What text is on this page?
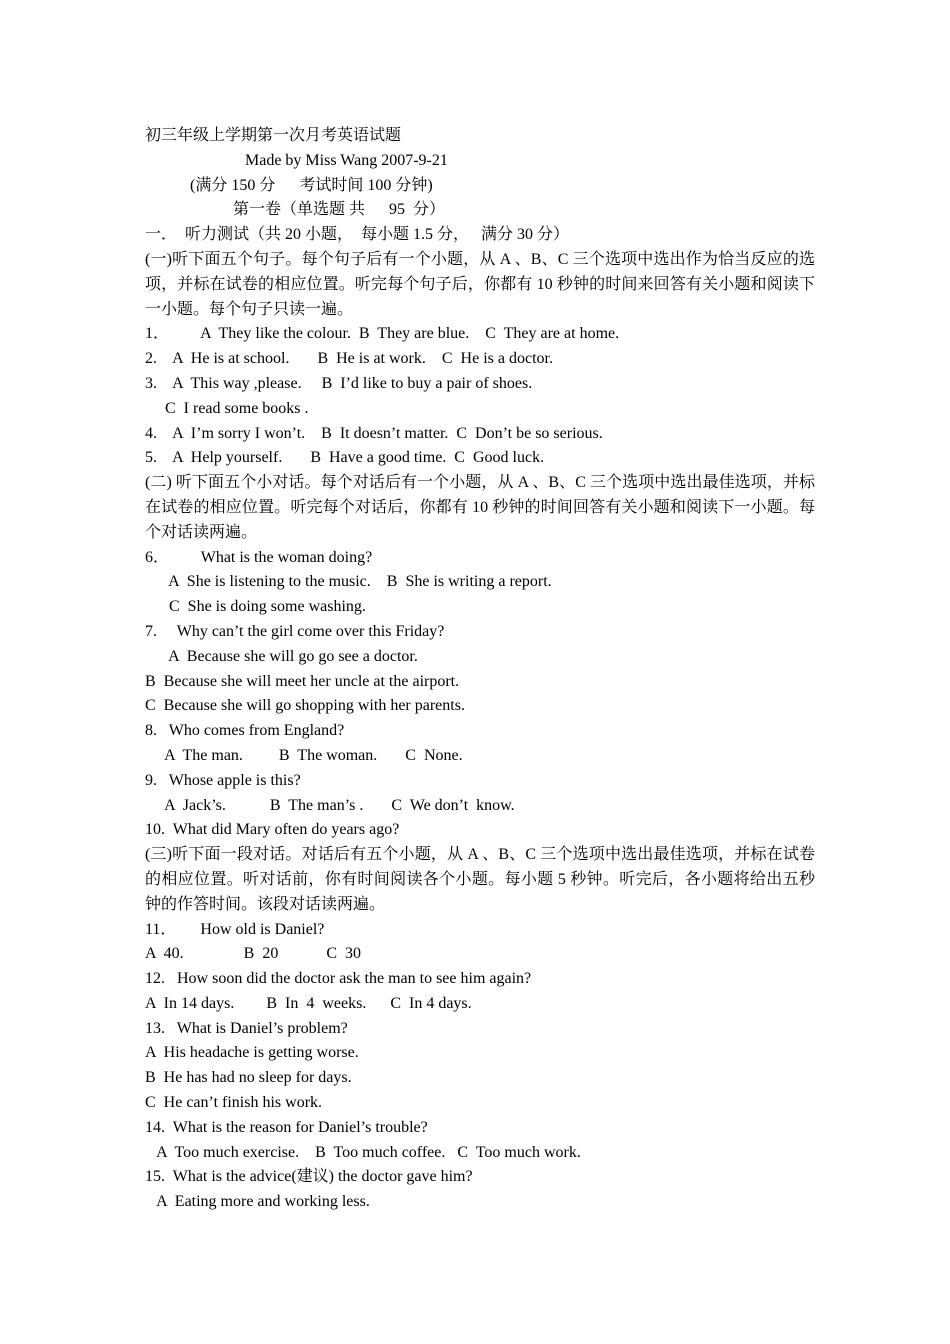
初三年级上学期第一次月考英语试题
Made by Miss Wang 2007-9-21
(满分 150 分      考试时间 100 分钟)
第一卷（单选题 共      95  分）
一．  听力测试（共 20 小题，  每小题 1.5 分，   满分 30 分）
(一)听下面五个句子。每个句子后有一个小题，从 A 、B、C 三个选项中选出作为恰当反应的选项，并标在试卷的相应位置。听完每个句子后，你都有 10 秒钟的时间来回答有关小题和阅读下一小题。每个句子只读一遍。
1．        A  They like the colour.  B  They are blue.    C  They are at home.
2.    A  He is at school.       B  He is at work.    C  He is a doctor.
3.    A  This way ,please.     B  I’d like to buy a pair of shoes.
C  I read some books .
4.    A  I’m sorry I won’t.    B  It doesn’t matter.  C  Don’t be so serious.
5.    A  Help yourself.       B  Have a good time.  C  Good luck.
(二) 听下面五个小对话。每个对话后有一个小题，从 A 、B、C 三个选项中选出最佳选项，并标在试卷的相应位置。听完每个对话后，你都有 10 秒钟的时间回答有关小题和阅读下一小题。每个对话读两遍。
6．        What is the woman doing?
A  She is listening to the music.    B  She is writing a report.
C  She is doing some washing.
7.     Why can’t the girl come over this Friday?
A  Because she will go go see a doctor.
B  Because she will meet her uncle at the airport.
C  Because she will go shopping with her parents.
8.   Who comes from England?
A  The man.         B  The woman.       C  None.
9.   Whose apple is this?
A  Jack’s.           B  The man’s .       C  We don’t  know.
10.  What did Mary often do years ago?
(三)听下面一段对话。对话后有五个小题，从 A 、B、C 三个选项中选出最佳选项，并标在试卷的相应位置。听对话前，你有时间阅读各个小题。每小题 5 秒钟。听完后，各小题将给出五秒钟的作答时间。该段对话读两遍。
11．      How old is Daniel?
A  40.               B  20            C  30
12.   How soon did the doctor ask the man to see him again?
A  In 14 days.        B  In  4  weeks.      C  In 4 days.
13.   What is Daniel’s problem?
A  His headache is getting worse.
B  He has had no sleep for days.
C  He can’t finish his work.
14.  What is the reason for Daniel’s trouble?
A  Too much exercise.    B  Too much coffee.   C  Too much work.
15.  What is the advice(建议) the doctor gave him?
A  Eating more and working less.
